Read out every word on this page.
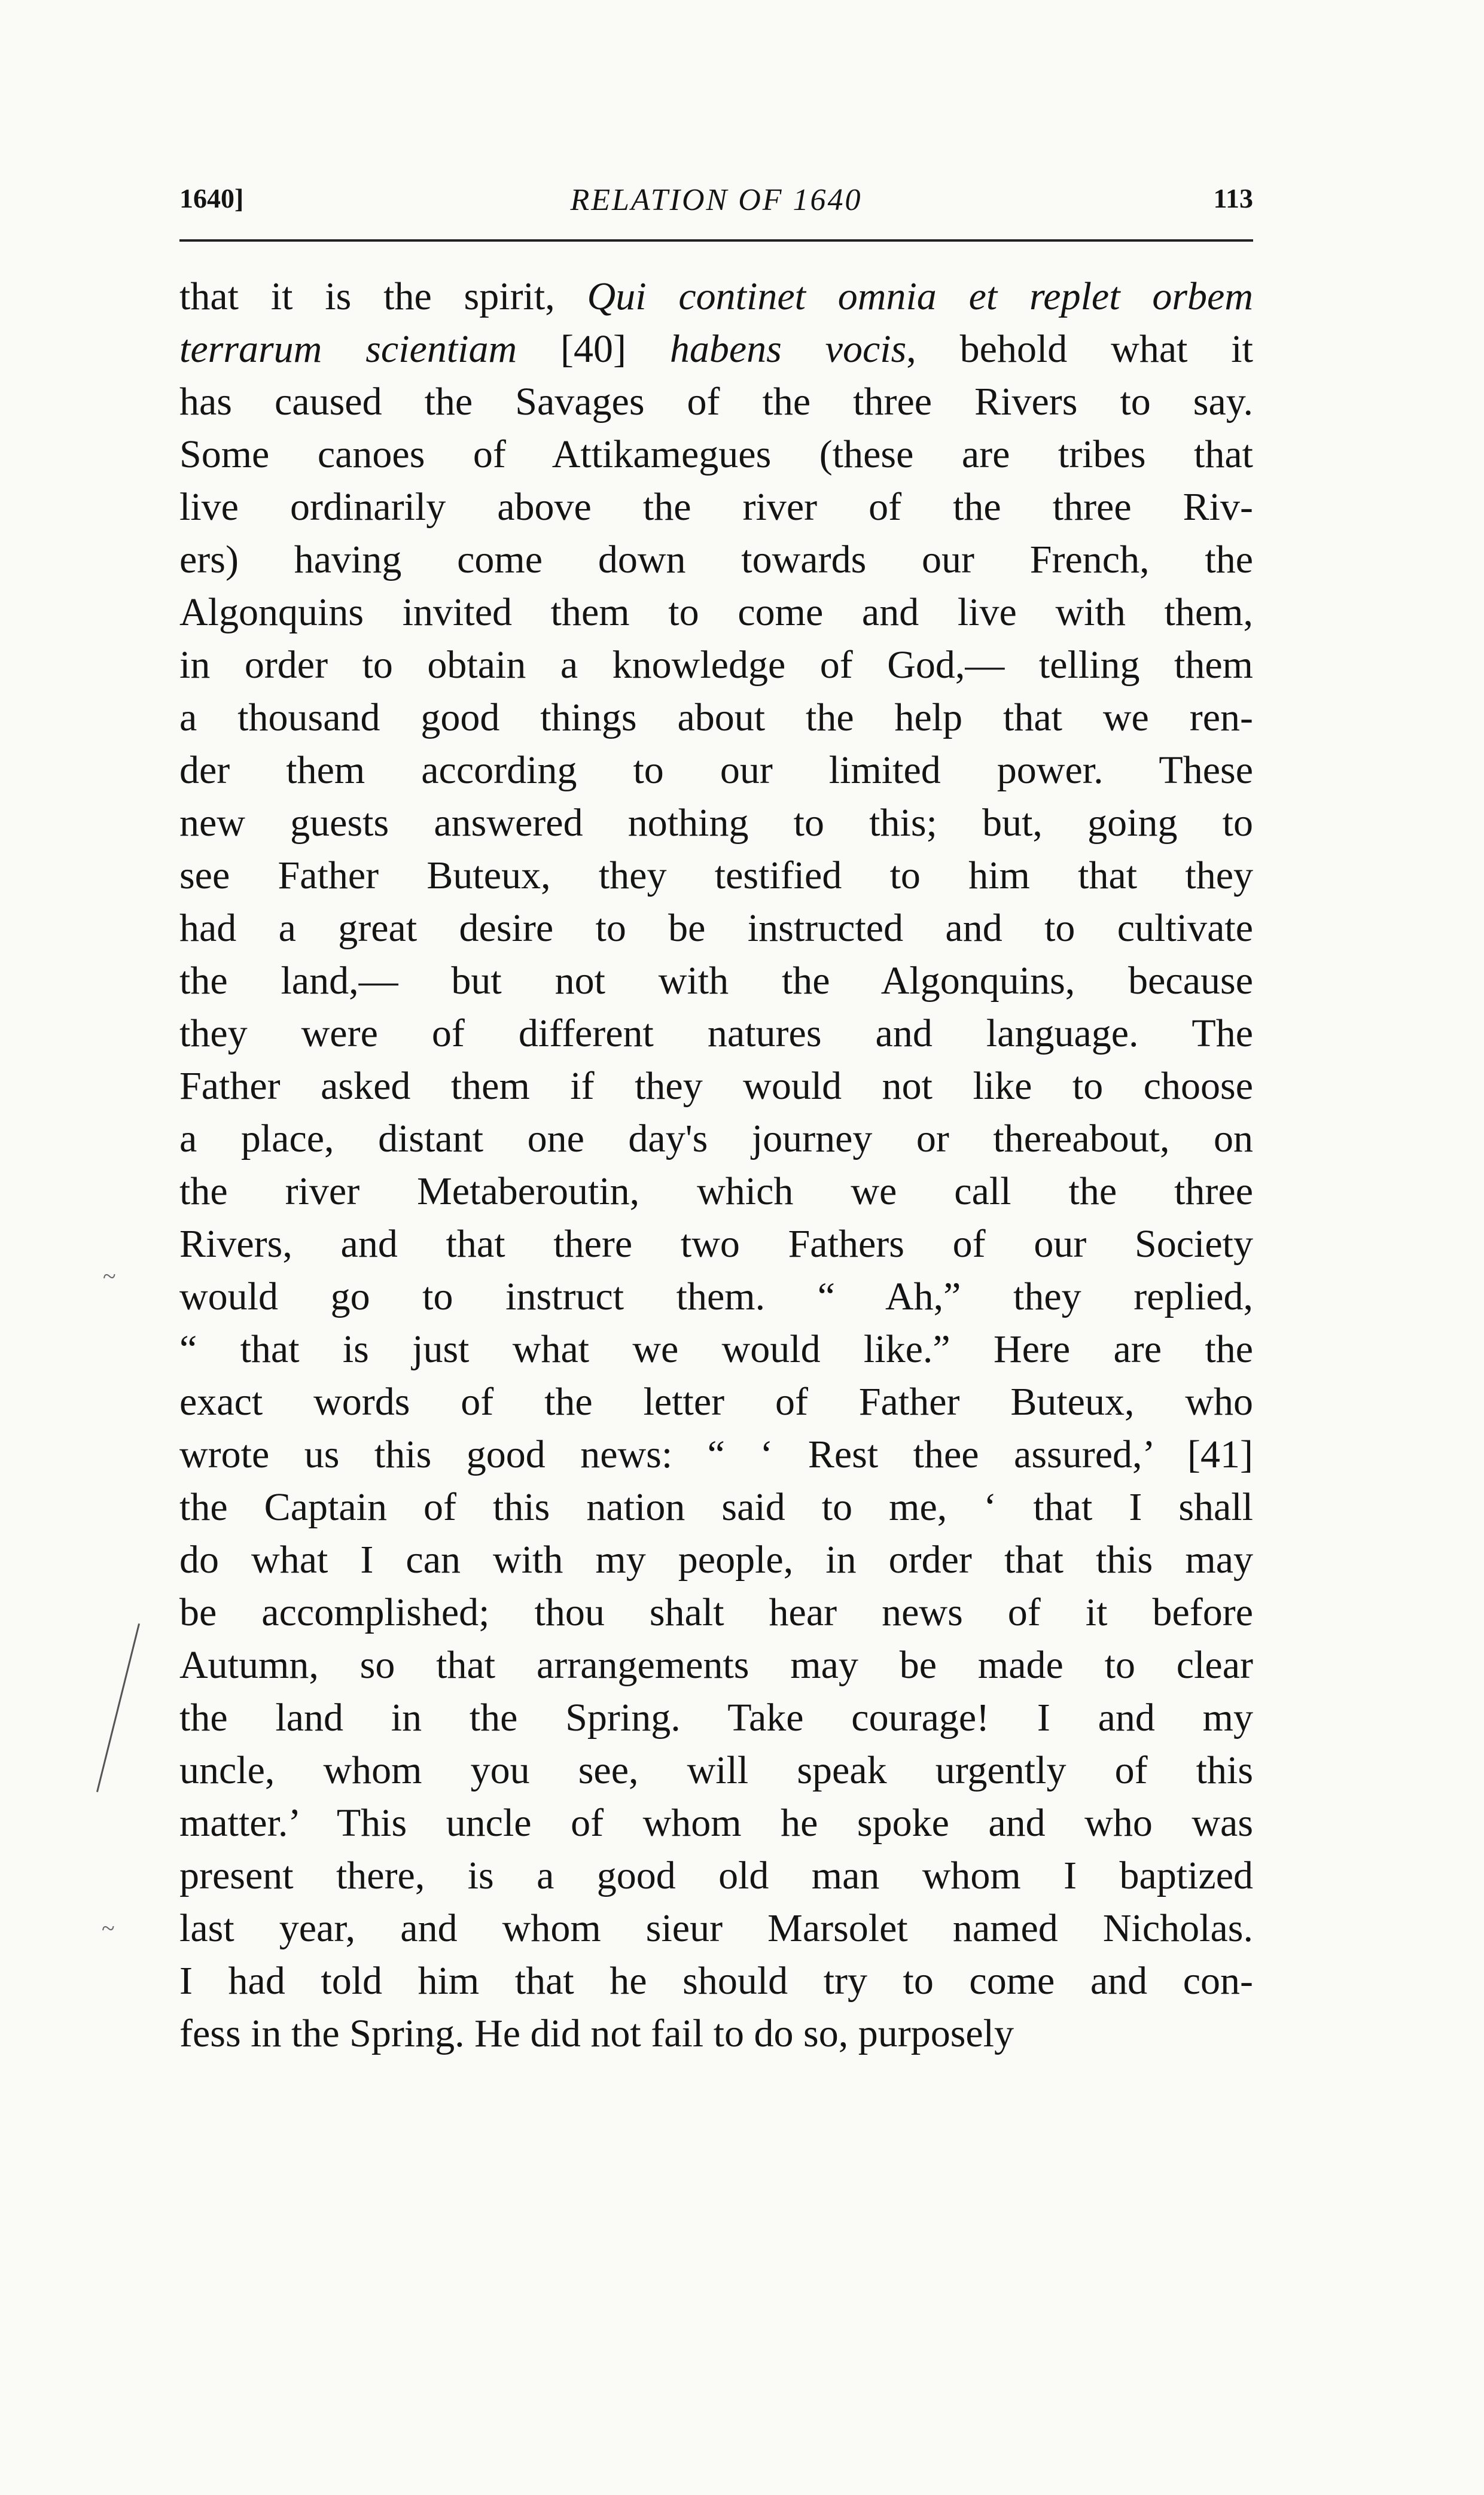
1640]	RELATION OF 1640	113
that it is the spirit, Qui continet omnia et replet orbem
terrarum scientiam [40] habens vocis, behold what it
has caused the Savages of the three Rivers to say.
Some canoes of Attikamegues (these are tribes that
live ordinarily above the river of the three Riv-
ers) having come down towards our French, the
Algonquins invited them to come and live with them,
in order to obtain a knowledge of God,— telling them
a thousand good things about the help that we ren-
der them according to our limited power. These
new guests answered nothing to this; but, going to
see Father Buteux, they testified to him that they
had a great desire to be instructed and to cultivate
the land,— but not with the Algonquins, because
they were of different natures and language. The
Father asked them if they would not like to choose
a place, distant one day's journey or thereabout, on
the river Metaberoutin, which we call the three
Rivers, and that there two Fathers of our Society
would go to instruct them. “ Ah,” they replied,
“ that is just what we would like.” Here are the
exact words of the letter of Father Buteux, who
wrote us this good news: “ ‘ Rest thee assured,’ [41]
the Captain of this nation said to me, ‘ that I shall
do what I can with my people, in order that this may
be accomplished; thou shalt hear news of it before
Autumn, so that arrangements may be made to clear
the land in the Spring. Take courage! I and my
uncle, whom you see, will speak urgently of this
matter.’ This uncle of whom he spoke and who was
present there, is a good old man whom I baptized
last year, and whom sieur Marsolet named Nicholas.
I had told him that he should try to come and con-
fess in the Spring. He did not fail to do so, purposely
~
~
